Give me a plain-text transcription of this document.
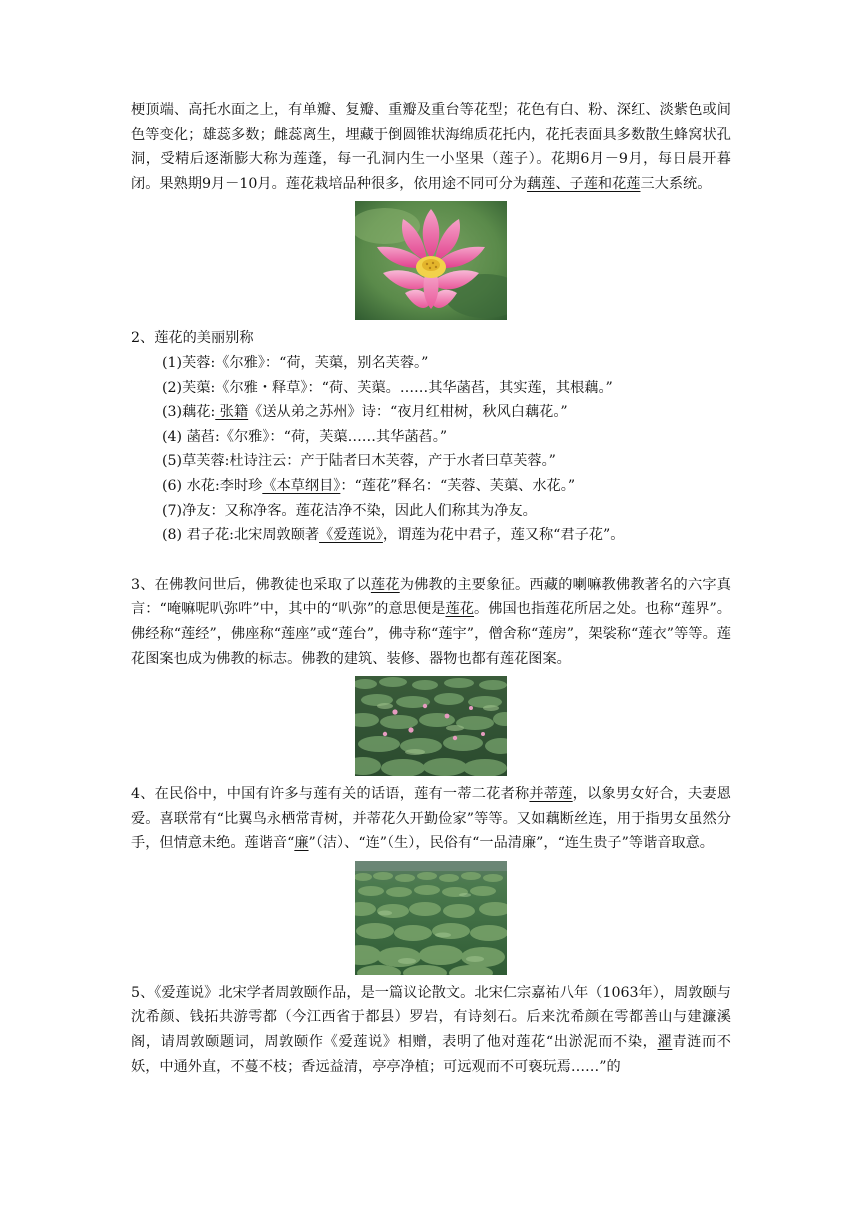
梗顶端、高托水面之上，有单瓣、复瓣、重瓣及重台等花型；花色有白、粉、深红、淡紫色或间色等变化；雄蕊多数；雌蕊离生，埋藏于倒圆锥状海绵质花托内，花托表面具多数散生蜂窝状孔洞，受精后逐渐膨大称为莲蓬，每一孔洞内生一小坚果（莲子）。花期6月－9月，每日晨开暮闭。果熟期9月－10月。莲花栽培品种很多，依用途不同可分为藕莲、子莲和花莲三大系统。

2、莲花的美丽别称

(1)芙蓉:《尔雅》：“荷，芙蕖，别名芙蓉。”

(2)芙蕖:《尔雅・释草》：“荷、芙蕖。……其华菡萏，其实莲，其根藕。”

(3)藕花: 张籍《送从弟之苏州》诗：“夜月红柑树，秋风白藕花。”

(4) 菡萏:《尔雅》：“荷，芙蕖……其华菡萏。”

(5)草芙蓉:杜诗注云：产于陆者曰木芙蓉，产于水者曰草芙蓉。”

(6) 水花:李时珍《本草纲目》：“莲花”释名：“芙蓉、芙蕖、水花。”

(7)净友：又称净客。莲花洁净不染，因此人们称其为净友。

(8) 君子花:北宋周敦颐著《爱莲说》，谓莲为花中君子，莲又称“君子花”。

3、在佛教问世后，佛教徒也采取了以莲花为佛教的主要象征。西藏的喇嘛教佛教著名的六字真言：“唵嘛呢叭弥吽”中，其中的“叭弥”的意思便是莲花。佛国也指莲花所居之处。也称“莲界”。佛经称“莲经”，佛座称“莲座”或“莲台”，佛寺称“莲宇”，僧舍称“莲房”，架裟称“莲衣”等等。莲花图案也成为佛教的标志。佛教的建筑、装修、器物也都有莲花图案。

4、在民俗中，中国有许多与莲有关的话语，莲有一蒂二花者称并蒂莲，以象男女好合，夫妻恩爱。喜联常有“比翼鸟永栖常青树，并蒂花久开勤俭家”等等。又如藕断丝连，用于指男女虽然分手，但情意未绝。莲谐音“廉”（洁）、“连”（生），民俗有“一品清廉”，“连生贵子”等谐音取意。

5、《爱莲说》北宋学者周敦颐作品，是一篇议论散文。北宋仁宗嘉祐八年（1063年），周敦颐与沈希颜、钱拓共游雩都（今江西省于都县）罗岩，有诗刻石。后来沈希颜在雩都善山与建濂溪阁，请周敦颐题词，周敦颐作《爱莲说》相赠，表明了他对莲花“出淤泥而不染，濯青涟而不妖，中通外直，不蔓不枝；香远益清，亭亭净植；可远观而不可亵玩焉……”的
